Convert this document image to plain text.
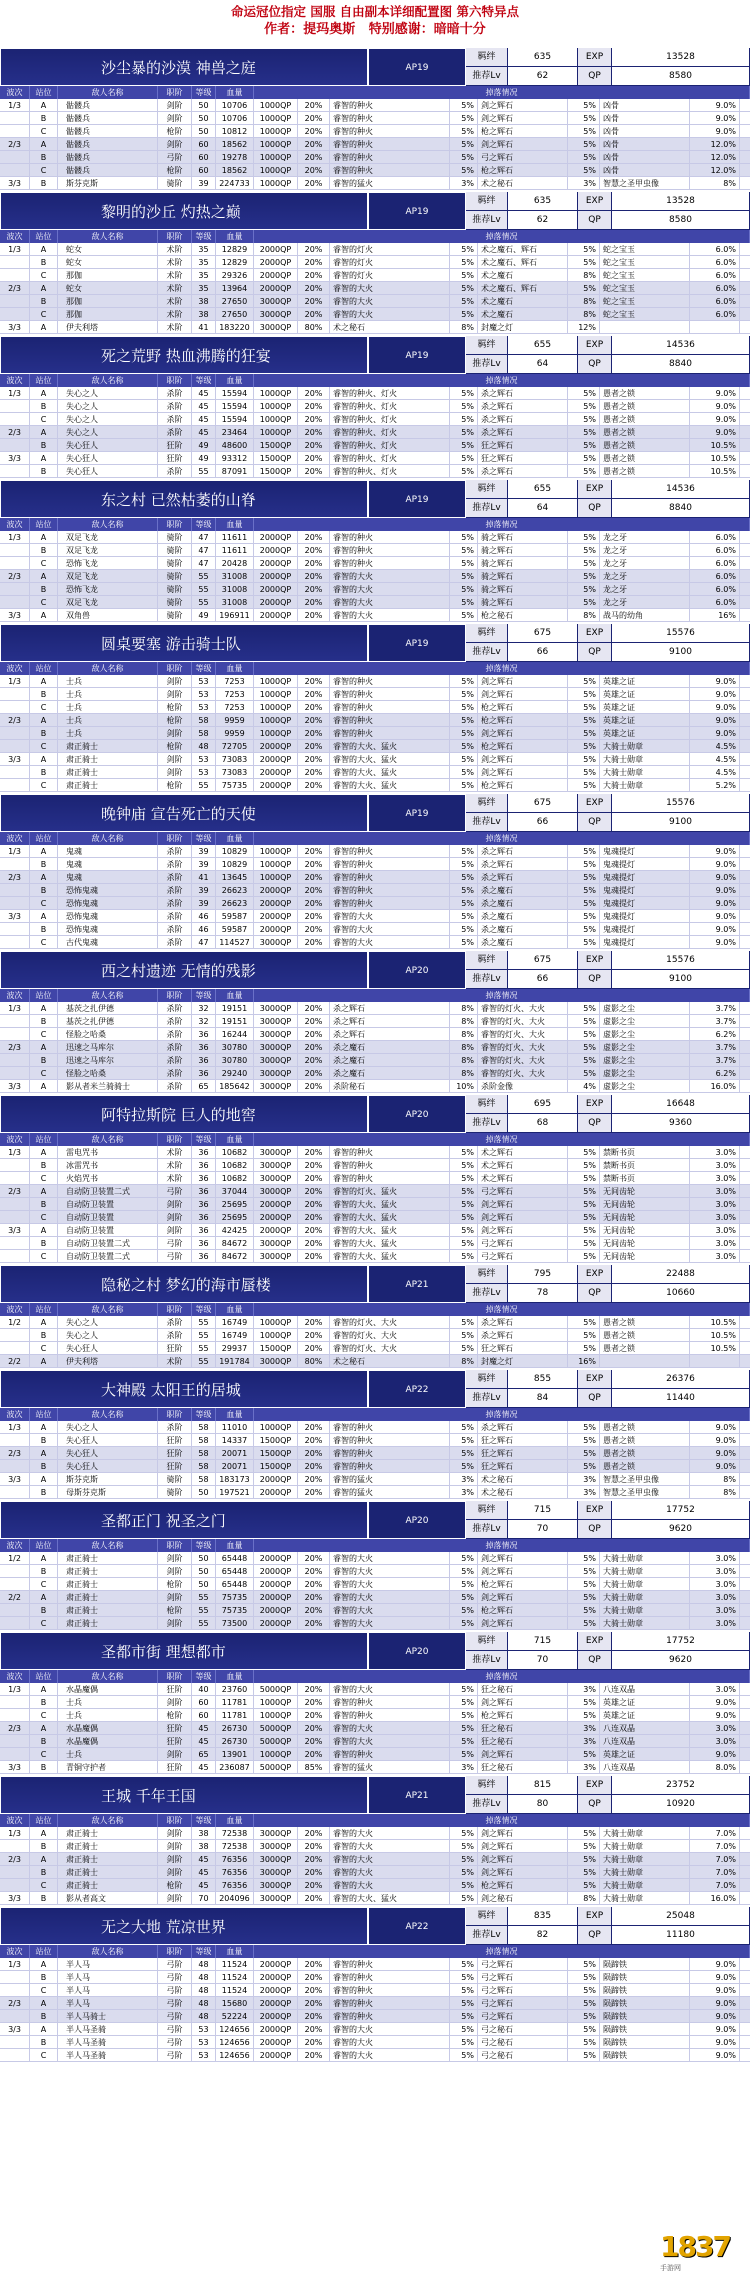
命运冠位指定 国服 自由副本详细配置图 第六特异点
作者：提玛奥斯 特别感谢：暗暗十分
沙尘暴的沙漠 神兽之庭	AP19
羁绊	635	EXP	13528
推荐Lv	62	QP	8580
波次	站位	敌人名称	职阶	等级	血量	掉落情况
1/3	A	骷髅兵	剑阶	50	10706	1000QP	20%	睿智的种火	5% 剑之辉石	5% 凶骨	9.0%
B	骷髅兵	剑阶	50	10706	1000QP	20%	睿智的种火	5% 剑之辉石	5% 凶骨	9.0%
C	骷髅兵	枪阶	50	10812	1000QP	20%	睿智的种火	5% 枪之辉石	5% 凶骨	9.0%
2/3	A	骷髅兵	剑阶	60	18562	1000QP	20%	睿智的种火	5% 剑之辉石	5% 凶骨	12.0%
B	骷髅兵	弓阶	60	19278	1000QP	20%	睿智的种火	5% 弓之辉石	5% 凶骨	12.0%
C	骷髅兵	枪阶	60	18562	1000QP	20%	睿智的种火	5% 枪之辉石	5% 凶骨	12.0%
3/3	B	斯芬克斯	骑阶	39	224733	1000QP	20%	睿智的猛火	3% 术之秘石	3% 智慧之圣甲虫像	8%
黎明的沙丘 灼热之巅	AP19
羁绊	635	EXP	13528
推荐Lv	62	QP	8580
波次	站位	敌人名称	职阶	等级	血量	掉落情况
1/3	A	蛇女	术阶	35	12829	2000QP	20%	睿智的灯火	5% 术之魔石、辉石	5% 蛇之宝玉	6.0%
B	蛇女	术阶	35	12829	2000QP	20%	睿智的灯火	5% 术之魔石、辉石	5% 蛇之宝玉	6.0%
C	那伽	术阶	35	29326	2000QP	20%	睿智的灯火	5% 术之魔石	8% 蛇之宝玉	6.0%
2/3	A	蛇女	术阶	35	13964	2000QP	20%	睿智的大火	5% 术之魔石、辉石	5% 蛇之宝玉	6.0%
B	那伽	术阶	38	27650	3000QP	20%	睿智的大火	5% 术之魔石	8% 蛇之宝玉	6.0%
C	那伽	术阶	38	27650	3000QP	20%	睿智的大火	5% 术之魔石	8% 蛇之宝玉	6.0%
3/3	A	伊夫利塔	术阶	41	183220	3000QP	80%	术之秘石	8% 封魔之灯	12%
死之荒野 热血沸腾的狂宴	AP19
羁绊	655	EXP	14536
推荐Lv	64	QP	8840
波次	站位	敌人名称	职阶	等级	血量	掉落情况
1/3	A	失心之人	杀阶	45	15594	1000QP	20%	睿智的种火、灯火	5% 杀之辉石	5% 愚者之锁	9.0%
B	失心之人	杀阶	45	15594	1000QP	20%	睿智的种火、灯火	5% 杀之辉石	5% 愚者之锁	9.0%
C	失心之人	杀阶	45	15594	1000QP	20%	睿智的种火、灯火	5% 杀之辉石	5% 愚者之锁	9.0%
2/3	A	失心之人	杀阶	45	23464	1000QP	20%	睿智的种火、灯火	5% 杀之辉石	5% 愚者之锁	9.0%
B	失心狂人	狂阶	49	48600	1500QP	20%	睿智的种火、灯火	5% 狂之辉石	5% 愚者之锁	10.5%
3/3	A	失心狂人	狂阶	49	93312	1500QP	20%	睿智的种火、灯火	5% 狂之辉石	5% 愚者之锁	10.5%
B	失心狂人	杀阶	55	87091	1500QP	20%	睿智的种火、灯火	5% 杀之辉石	5% 愚者之锁	10.5%
东之村 已然枯萎的山脊	AP19
羁绊	655	EXP	14536
推荐Lv	64	QP	8840
波次	站位	敌人名称	职阶	等级	血量	掉落情况
1/3	A	双足飞龙	骑阶	47	11611	2000QP	20%	睿智的种火	5% 骑之辉石	5% 龙之牙	6.0%
B	双足飞龙	骑阶	47	11611	2000QP	20%	睿智的种火	5% 骑之辉石	5% 龙之牙	6.0%
C	恐怖飞龙	骑阶	47	20428	2000QP	20%	睿智的种火	5% 骑之辉石	5% 龙之牙	6.0%
2/3	A	双足飞龙	骑阶	55	31008	2000QP	20%	睿智的大火	5% 骑之辉石	5% 龙之牙	6.0%
B	恐怖飞龙	骑阶	55	31008	2000QP	20%	睿智的大火	5% 骑之辉石	5% 龙之牙	6.0%
C	双足飞龙	骑阶	55	31008	2000QP	20%	睿智的大火	5% 骑之辉石	5% 龙之牙	6.0%
3/3	A	双角兽	骑阶	49	196911	2000QP	20%	睿智的大火	5% 枪之秘石	8% 战马的幼角	16%
圆桌要塞 游击骑士队	AP19
羁绊	675	EXP	15576
推荐Lv	66	QP	9100
波次	站位	敌人名称	职阶	等级	血量	掉落情况
1/3	A	士兵	剑阶	53	7253	1000QP	20%	睿智的种火	5% 剑之辉石	5% 英雄之证	9.0%
B	士兵	剑阶	53	7253	1000QP	20%	睿智的种火	5% 剑之辉石	5% 英雄之证	9.0%
C	士兵	枪阶	53	7253	1000QP	20%	睿智的种火	5% 枪之辉石	5% 英雄之证	9.0%
2/3	A	士兵	枪阶	58	9959	1000QP	20%	睿智的种火	5% 枪之辉石	5% 英雄之证	9.0%
B	士兵	剑阶	58	9959	1000QP	20%	睿智的种火	5% 剑之辉石	5% 英雄之证	9.0%
C	肃正骑士	枪阶	48	72705	2000QP	20%	睿智的大火、猛火	5% 枪之辉石	5% 大骑士勋章	4.5%
3/3	A	肃正骑士	剑阶	53	73083	2000QP	20%	睿智的大火、猛火	5% 剑之辉石	5% 大骑士勋章	4.5%
B	肃正骑士	剑阶	53	73083	2000QP	20%	睿智的大火、猛火	5% 剑之辉石	5% 大骑士勋章	4.5%
C	肃正骑士	枪阶	55	75735	2000QP	20%	睿智的大火、猛火	5% 枪之辉石	5% 大骑士勋章	5.2%
晚钟庙 宣告死亡的天使	AP19
羁绊	675	EXP	15576
推荐Lv	66	QP	9100
波次	站位	敌人名称	职阶	等级	血量	掉落情况
1/3	A	鬼魂	杀阶	39	10829	1000QP	20%	睿智的种火	5% 杀之辉石	5% 鬼魂提灯	9.0%
B	鬼魂	杀阶	39	10829	1000QP	20%	睿智的种火	5% 杀之辉石	5% 鬼魂提灯	9.0%
2/3	A	鬼魂	杀阶	41	13645	1000QP	20%	睿智的种火	5% 杀之辉石	5% 鬼魂提灯	9.0%
B	恐怖鬼魂	杀阶	39	26623	2000QP	20%	睿智的种火	5% 杀之魔石	5% 鬼魂提灯	9.0%
C	恐怖鬼魂	杀阶	39	26623	2000QP	20%	睿智的种火	5% 杀之魔石	5% 鬼魂提灯	9.0%
3/3	A	恐怖鬼魂	杀阶	46	59587	2000QP	20%	睿智的大火	5% 杀之魔石	5% 鬼魂提灯	9.0%
B	恐怖鬼魂	杀阶	46	59587	2000QP	20%	睿智的大火	5% 杀之魔石	5% 鬼魂提灯	9.0%
C	古代鬼魂	杀阶	47	114527	3000QP	20%	睿智的大火	5% 杀之魔石	5% 鬼魂提灯	9.0%
西之村遗迹 无情的残影	AP20
羁绊	675	EXP	15576
推荐Lv	66	QP	9100
波次	站位	敌人名称	职阶	等级	血量	掉落情况
1/3	A	基茨之扎伊德	杀阶	32	19151	3000QP	20%	杀之辉石	8% 睿智的灯火、大火	5% 虚影之尘	3.7%
B	基茨之扎伊德	杀阶	32	19151	3000QP	20%	杀之辉石	8% 睿智的灯火、大火	5% 虚影之尘	3.7%
C	怪脸之哈桑	杀阶	36	16244	3000QP	20%	杀之辉石	8% 睿智的灯火、大火	5% 虚影之尘	6.2%
2/3	A	迅速之马库尔	杀阶	36	30780	3000QP	20%	杀之魔石	8% 睿智的灯火、大火	5% 虚影之尘	3.7%
B	迅速之马库尔	杀阶	36	30780	3000QP	20%	杀之魔石	8% 睿智的灯火、大火	5% 虚影之尘	3.7%
C	怪脸之哈桑	杀阶	36	29240	3000QP	20%	杀之魔石	8% 睿智的灯火、大火	5% 虚影之尘	6.2%
3/3	A	影从者米兰骑骑士	杀阶	65	185642	3000QP	20%	杀阶秘石	10% 杀阶金像	4% 虚影之尘	16.0%
阿特拉斯院 巨人的地窖	AP20
羁绊	695	EXP	16648
推荐Lv	68	QP	9360
波次	站位	敌人名称	职阶	等级	血量	掉落情况
1/3	A	雷电咒书	术阶	36	10682	3000QP	20%	睿智的种火	5% 术之辉石	5% 禁断书页	3.0%
B	冰雷咒书	术阶	36	10682	3000QP	20%	睿智的种火	5% 术之辉石	5% 禁断书页	3.0%
C	火焰咒书	术阶	36	10682	3000QP	20%	睿智的种火	5% 术之辉石	5% 禁断书页	3.0%
2/3	A	自动防卫装置二式	弓阶	36	37044	3000QP	20%	睿智的灯火、猛火	5% 弓之辉石	5% 无间齿轮	3.0%
B	自动防卫装置	剑阶	36	25695	2000QP	20%	睿智的大火、猛火	5% 剑之辉石	5% 无间齿轮	3.0%
C	自动防卫装置	剑阶	36	25695	2000QP	20%	睿智的大火、猛火	5% 剑之辉石	5% 无间齿轮	3.0%
3/3	A	自动防卫装置	剑阶	36	42425	2000QP	20%	睿智的大火、猛火	5% 剑之辉石	5% 无间齿轮	3.0%
B	自动防卫装置二式	弓阶	36	84672	3000QP	20%	睿智的大火、猛火	5% 弓之辉石	5% 无间齿轮	3.0%
C	自动防卫装置二式	弓阶	36	84672	3000QP	20%	睿智的大火、猛火	5% 弓之辉石	5% 无间齿轮	3.0%
隐秘之村 梦幻的海市蜃楼	AP21
羁绊	795	EXP	22488
推荐Lv	78	QP	10660
波次	站位	敌人名称	职阶	等级	血量	掉落情况
1/2	A	失心之人	杀阶	55	16749	1000QP	20%	睿智的灯火、大火	5% 杀之辉石	5% 愚者之锁	10.5%
B	失心之人	杀阶	55	16749	1000QP	20%	睿智的灯火、大火	5% 杀之辉石	5% 愚者之锁	10.5%
C	失心狂人	狂阶	55	29937	1500QP	20%	睿智的灯火、大火	5% 狂之辉石	5% 愚者之锁	10.5%
2/2	A	伊夫利塔	术阶	55	191784	3000QP	80%	术之秘石	8% 封魔之灯	16%
大神殿 太阳王的居城	AP22
羁绊	855	EXP	26376
推荐Lv	84	QP	11440
波次	站位	敌人名称	职阶	等级	血量	掉落情况
1/3	A	失心之人	杀阶	58	11010	1000QP	20%	睿智的种火	5% 杀之辉石	5% 愚者之锁	9.0%
B	失心狂人	狂阶	58	14337	1500QP	20%	睿智的种火	5% 狂之辉石	5% 愚者之锁	9.0%
2/3	A	失心狂人	狂阶	58	20071	1500QP	20%	睿智的种火	5% 狂之辉石	5% 愚者之锁	9.0%
B	失心狂人	狂阶	58	20071	1500QP	20%	睿智的种火	5% 狂之辉石	5% 愚者之锁	9.0%
3/3	A	斯芬克斯	骑阶	58	183173	2000QP	20%	睿智的猛火	3% 术之秘石	3% 智慧之圣甲虫像	8%
B	母斯芬克斯	骑阶	50	197521	2000QP	20%	睿智的猛火	3% 术之秘石	3% 智慧之圣甲虫像	8%
圣都正门 祝圣之门	AP20
羁绊	715	EXP	17752
推荐Lv	70	QP	9620
波次	站位	敌人名称	职阶	等级	血量	掉落情况
1/2	A	肃正骑士	剑阶	50	65448	2000QP	20%	睿智的大火	5% 剑之辉石	5% 大骑士勋章	3.0%
B	肃正骑士	剑阶	50	65448	2000QP	20%	睿智的大火	5% 剑之辉石	5% 大骑士勋章	3.0%
C	肃正骑士	枪阶	50	65448	2000QP	20%	睿智的大火	5% 枪之辉石	5% 大骑士勋章	3.0%
2/2	A	肃正骑士	剑阶	55	75735	2000QP	20%	睿智的大火	5% 剑之辉石	5% 大骑士勋章	3.0%
B	肃正骑士	枪阶	55	75735	2000QP	20%	睿智的大火	5% 枪之辉石	5% 大骑士勋章	3.0%
C	肃正骑士	剑阶	55	73500	2000QP	20%	睿智的大火	5% 剑之辉石	5% 大骑士勋章	3.0%
圣都市街 理想都市	AP20
羁绊	715	EXP	17752
推荐Lv	70	QP	9620
波次	站位	敌人名称	职阶	等级	血量	掉落情况
1/3	A	水晶魔偶	狂阶	40	23760	5000QP	20%	睿智的大火	5% 狂之秘石	3% 八连双晶	3.0%
B	士兵	剑阶	60	11781	1000QP	20%	睿智的种火	5% 剑之辉石	5% 英雄之证	9.0%
C	士兵	枪阶	60	11781	1000QP	20%	睿智的种火	5% 枪之辉石	5% 英雄之证	9.0%
2/3	A	水晶魔偶	狂阶	45	26730	5000QP	20%	睿智的大火	5% 狂之秘石	3% 八连双晶	3.0%
B	水晶魔偶	狂阶	45	26730	5000QP	20%	睿智的大火	5% 狂之秘石	3% 八连双晶	3.0%
C	士兵	剑阶	65	13901	1000QP	20%	睿智的种火	5% 剑之辉石	5% 英雄之证	9.0%
3/3	B	青铜守护者	狂阶	45	236087	5000QP	85%	睿智的猛火	3% 狂之秘石	3% 八连双晶	8.0%
王城 千年王国	AP21
羁绊	815	EXP	23752
推荐Lv	80	QP	10920
波次	站位	敌人名称	职阶	等级	血量	掉落情况
1/3	A	肃正骑士	剑阶	38	72538	3000QP	20%	睿智的大火	5% 剑之辉石	5% 大骑士勋章	7.0%
B	肃正骑士	剑阶	38	72538	3000QP	20%	睿智的大火	5% 剑之辉石	5% 大骑士勋章	7.0%
2/3	A	肃正骑士	剑阶	45	76356	3000QP	20%	睿智的大火	5% 剑之辉石	5% 大骑士勋章	7.0%
B	肃正骑士	剑阶	45	76356	3000QP	20%	睿智的大火	5% 剑之辉石	5% 大骑士勋章	7.0%
C	肃正骑士	枪阶	45	76356	3000QP	20%	睿智的大火	5% 枪之辉石	5% 大骑士勋章	7.0%
3/3	B	影从者高文	剑阶	70	204096	3000QP	20%	睿智的大火、猛火	5% 剑之秘石	8% 大骑士勋章	16.0%
无之大地 荒凉世界	AP22
羁绊	835	EXP	25048
推荐Lv	82	QP	11180
波次	站位	敌人名称	职阶	等级	血量	掉落情况
1/3	A	半人马	弓阶	48	11524	2000QP	20%	睿智的种火	5% 弓之辉石	5% 陨蹄铁	9.0%
B	半人马	弓阶	48	11524	2000QP	20%	睿智的种火	5% 弓之辉石	5% 陨蹄铁	9.0%
C	半人马	弓阶	48	11524	2000QP	20%	睿智的种火	5% 弓之辉石	5% 陨蹄铁	9.0%
2/3	A	半人马	弓阶	48	15680	2000QP	20%	睿智的种火	5% 弓之辉石	5% 陨蹄铁	9.0%
B	半人马骑士	弓阶	48	52224	2000QP	20%	睿智的种火	5% 弓之辉石	5% 陨蹄铁	9.0%
3/3	A	半人马圣骑	弓阶	53	124656	2000QP	20%	睿智的大火	5% 弓之秘石	5% 陨蹄铁	9.0%
B	半人马圣骑	弓阶	53	124656	2000QP	20%	睿智的大火	5% 弓之秘石	5% 陨蹄铁	9.0%
C	半人马圣骑	弓阶	53	124656	2000QP	20%	睿智的大火	5% 弓之秘石	5% 陨蹄铁	9.0%
1837
手游网
